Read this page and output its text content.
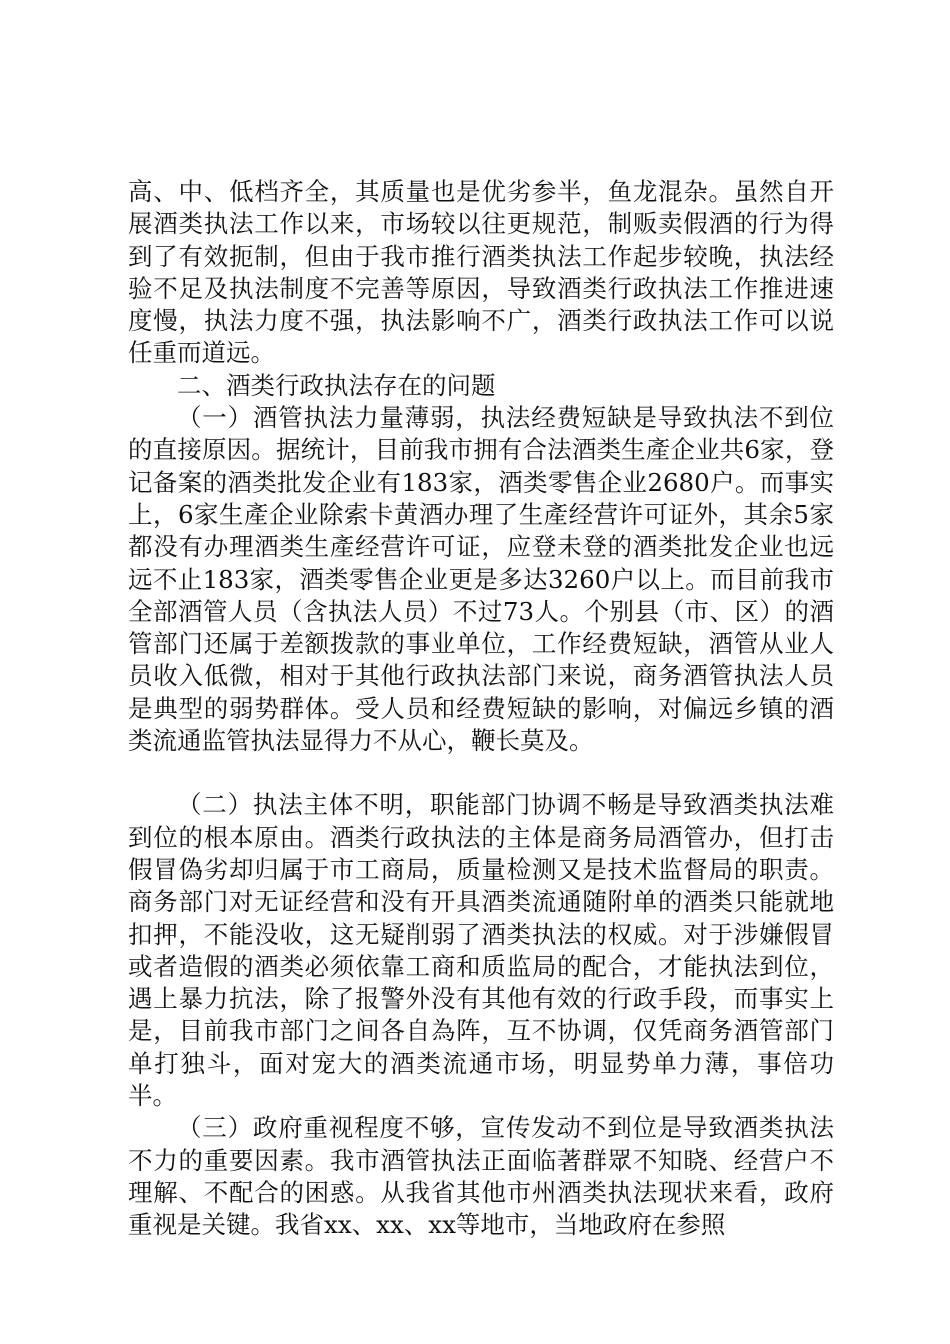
高、中、低档齐全，其质量也是优劣参半，鱼龙混杂。虽然自开展酒类执法工作以来，市场较以往更规范，制贩卖假酒的行为得到了有效扼制，但由于我市推行酒类执法工作起步较晚，执法经验不足及执法制度不完善等原因，导致酒类行政执法工作推进速度慢，执法力度不强，执法影响不广，酒类行政执法工作可以说任重而道远。

二、酒类行政执法存在的问题

（一）酒管执法力量薄弱，执法经费短缺是导致执法不到位的直接原因。据统计，目前我市拥有合法酒类生產企业共6家，登记备案的酒类批发企业有183家，酒类零售企业2680户。而事实上，6家生產企业除索卡黄酒办理了生產经营许可证外，其余5家都没有办理酒类生產经营许可证，应登未登的酒类批发企业也远远不止183家，酒类零售企业更是多达3260户以上。而目前我市全部酒管人员（含执法人员）不过73人。个别县（市、区）的酒管部门还属于差额拨款的事业单位，工作经费短缺，酒管从业人员收入低微，相对于其他行政执法部门来说，商务酒管执法人员是典型的弱势群体。受人员和经费短缺的影响，对偏远乡镇的酒类流通监管执法显得力不从心，鞭长莫及。

（二）执法主体不明，职能部门协调不畅是导致酒类执法难到位的根本原由。酒类行政执法的主体是商务局酒管办，但打击假冒偽劣却归属于市工商局，质量检测又是技术监督局的职责。商务部门对无证经营和没有开具酒类流通随附单的酒类只能就地扣押，不能没收，这无疑削弱了酒类执法的权威。对于涉嫌假冒或者造假的酒类必须依靠工商和质监局的配合，才能执法到位，遇上暴力抗法，除了报警外没有其他有效的行政手段，而事实上是，目前我市部门之间各自為阵，互不协调，仅凭商务酒管部门单打独斗，面对宠大的酒类流通市场，明显势单力薄，事倍功半。

（三）政府重视程度不够，宣传发动不到位是导致酒类执法不力的重要因素。我市酒管执法正面临著群眾不知晓、经营户不理解、不配合的困惑。从我省其他市州酒类执法现状来看，政府重视是关键。我省xx、xx、xx等地市，当地政府在参照
